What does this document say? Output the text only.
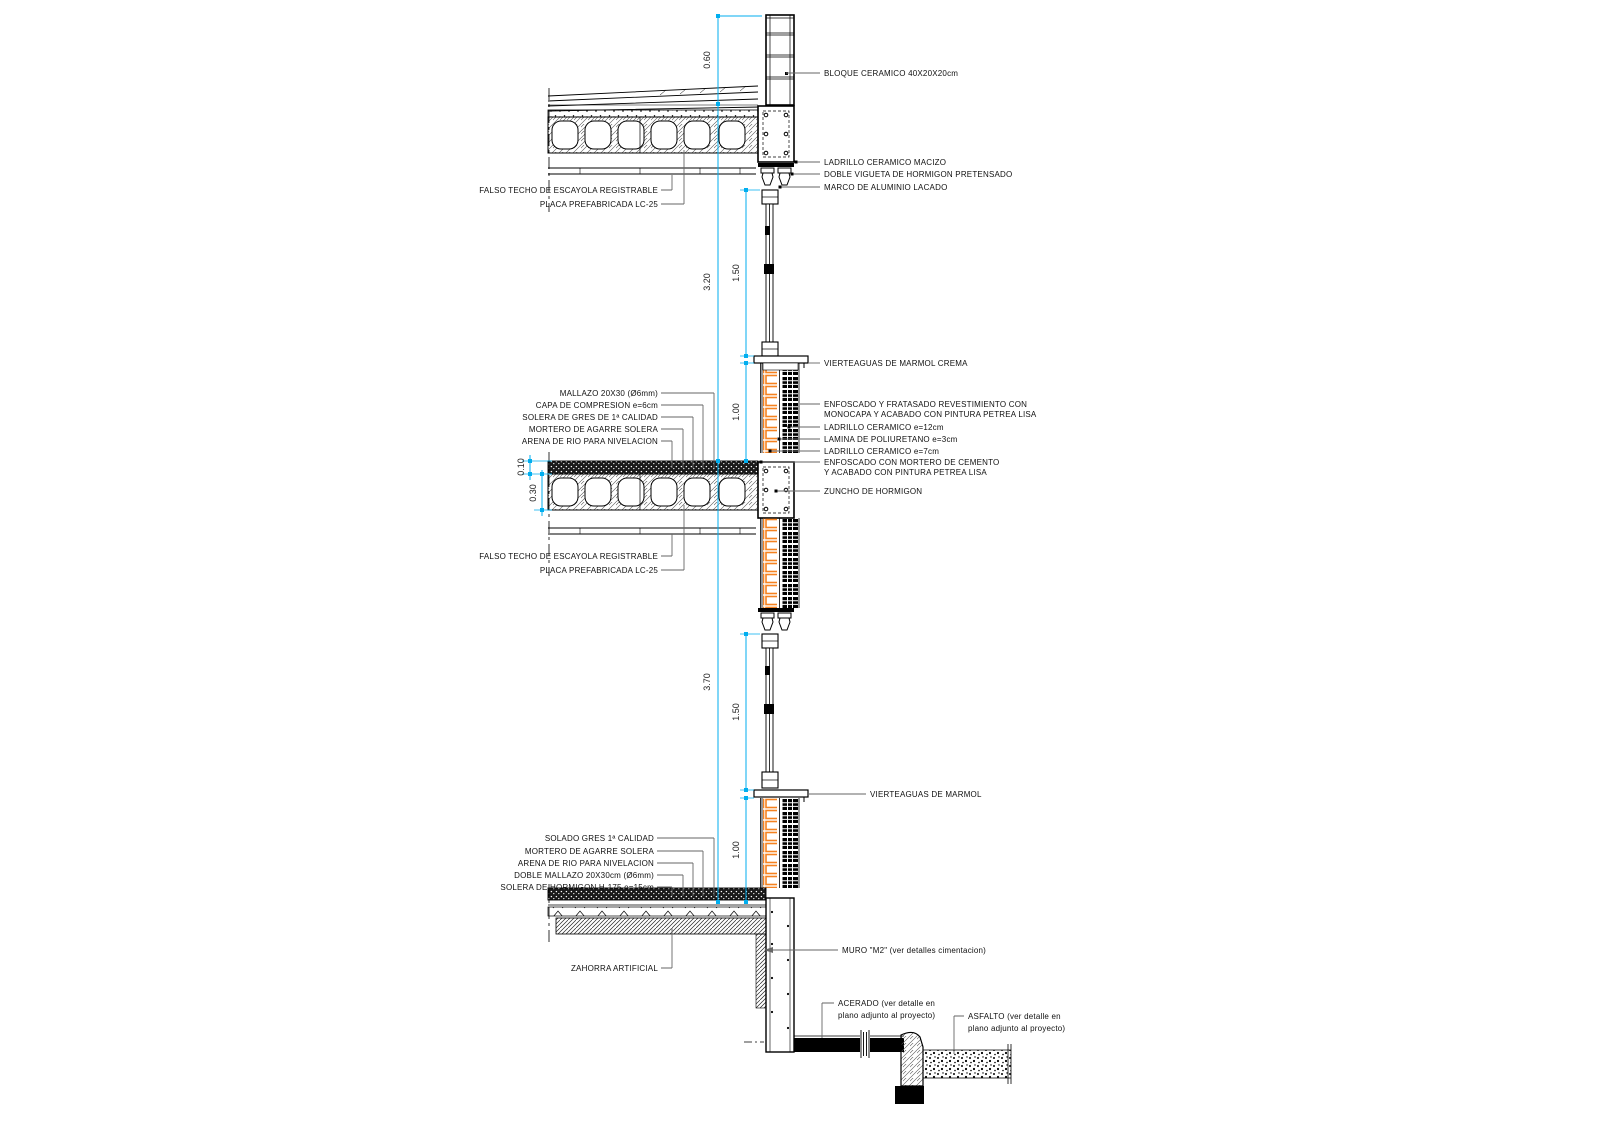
0.60
3.20
1.50
1.00
0.10
0.30
3.70
1.50
1.00
BLOQUE CERAMICO 40X20X20cm
LADRILLO CERAMICO MACIZO
DOBLE VIGUETA DE HORMIGON PRETENSADO
MARCO DE ALUMINIO LACADO
VIERTEAGUAS DE MARMOL CREMA
ENFOSCADO Y FRATASADO REVESTIMIENTO CON
MONOCAPA Y ACABADO CON PINTURA PETREA LISA
LADRILLO CERAMICO e=12cm
LAMINA DE POLIURETANO e=3cm
LADRILLO CERAMICO e=7cm
ENFOSCADO CON MORTERO DE CEMENTO
Y ACABADO CON PINTURA PETREA LISA
ZUNCHO DE HORMIGON
VIERTEAGUAS DE MARMOL
MURO "M2" (ver detalles cimentacion)
ACERADO (ver detalle en
plano adjunto al proyecto)	ASFALTO (ver detalle en
plano adjunto al proyecto)
FALSO TECHO DE ESCAYOLA REGISTRABLE
PLACA PREFABRICADA LC-25
MALLAZO 20X30 (Ø6mm)
CAPA DE COMPRESION e=6cm
SOLERA DE GRES DE 1ª CALIDAD
MORTERO DE AGARRE SOLERA
ARENA DE RIO PARA NIVELACION
FALSO TECHO DE ESCAYOLA REGISTRABLE
PLACA PREFABRICADA LC-25
SOLADO GRES 1ª CALIDAD
MORTERO DE AGARRE SOLERA
ARENA DE RIO PARA NIVELACION
DOBLE MALLAZO 20X30cm (Ø6mm)
SOLERA DE HORMIGON H-175 e=15cm
ZAHORRA ARTIFICIAL
